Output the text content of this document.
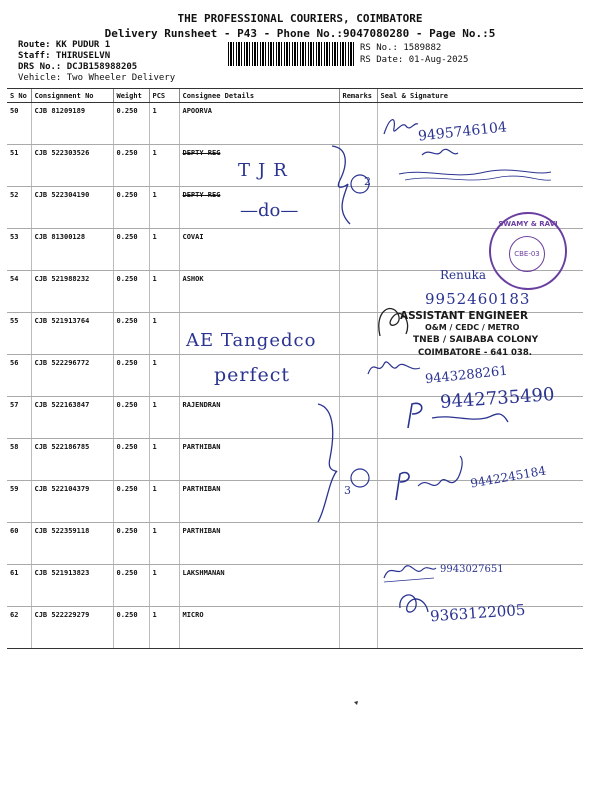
THE PROFESSIONAL COURIERS, COIMBATORE
Delivery Runsheet - P43 - Phone No.:9047080280 - Page No.:5
Route: KK PUDUR 1
Staff: THIRUSELVN
DRS No.: DCJB158988205
Vehicle: Two Wheeler Delivery
RS No.: 1589882
RS Date: 01-Aug-2025
S No	Consignment No	Weight	PCS	Consignee Details	Remarks	Seal & Signature
50	CJB 81209189	0.250	1	APOORVA		
51	CJB 522303526	0.250	1	DEPTY REG		
52	CJB 522304190	0.250	1	DEPTY REG		
53	CJB 81300128	0.250	1	COVAI		
54	CJB 521988232	0.250	1	ASHOK		
55	CJB 521913764	0.250	1			
56	CJB 522296772	0.250	1			
57	CJB 522163847	0.250	1	RAJENDRAN		
58	CJB 522186785	0.250	1	PARTHIBAN		
59	CJB 522104379	0.250	1	PARTHIBAN		
60	CJB 522359118	0.250	1	PARTHIBAN		
61	CJB 521913823	0.250	1	LAKSHMANAN		
62	CJB 522229279	0.250	1	MICRO		
9495746104
TJR
—do—
2
SWAMY & RAVI
CBE-03
Renuka
9952460183
ASSISTANT ENGINEER
O&M / CEDC / METRO
TNEB / SAIBABA COLONY
COIMBATORE - 641 038.
AE Tangedco
perfect	9443288261
9442735490
3	9442245184
9943027651
9363122005
